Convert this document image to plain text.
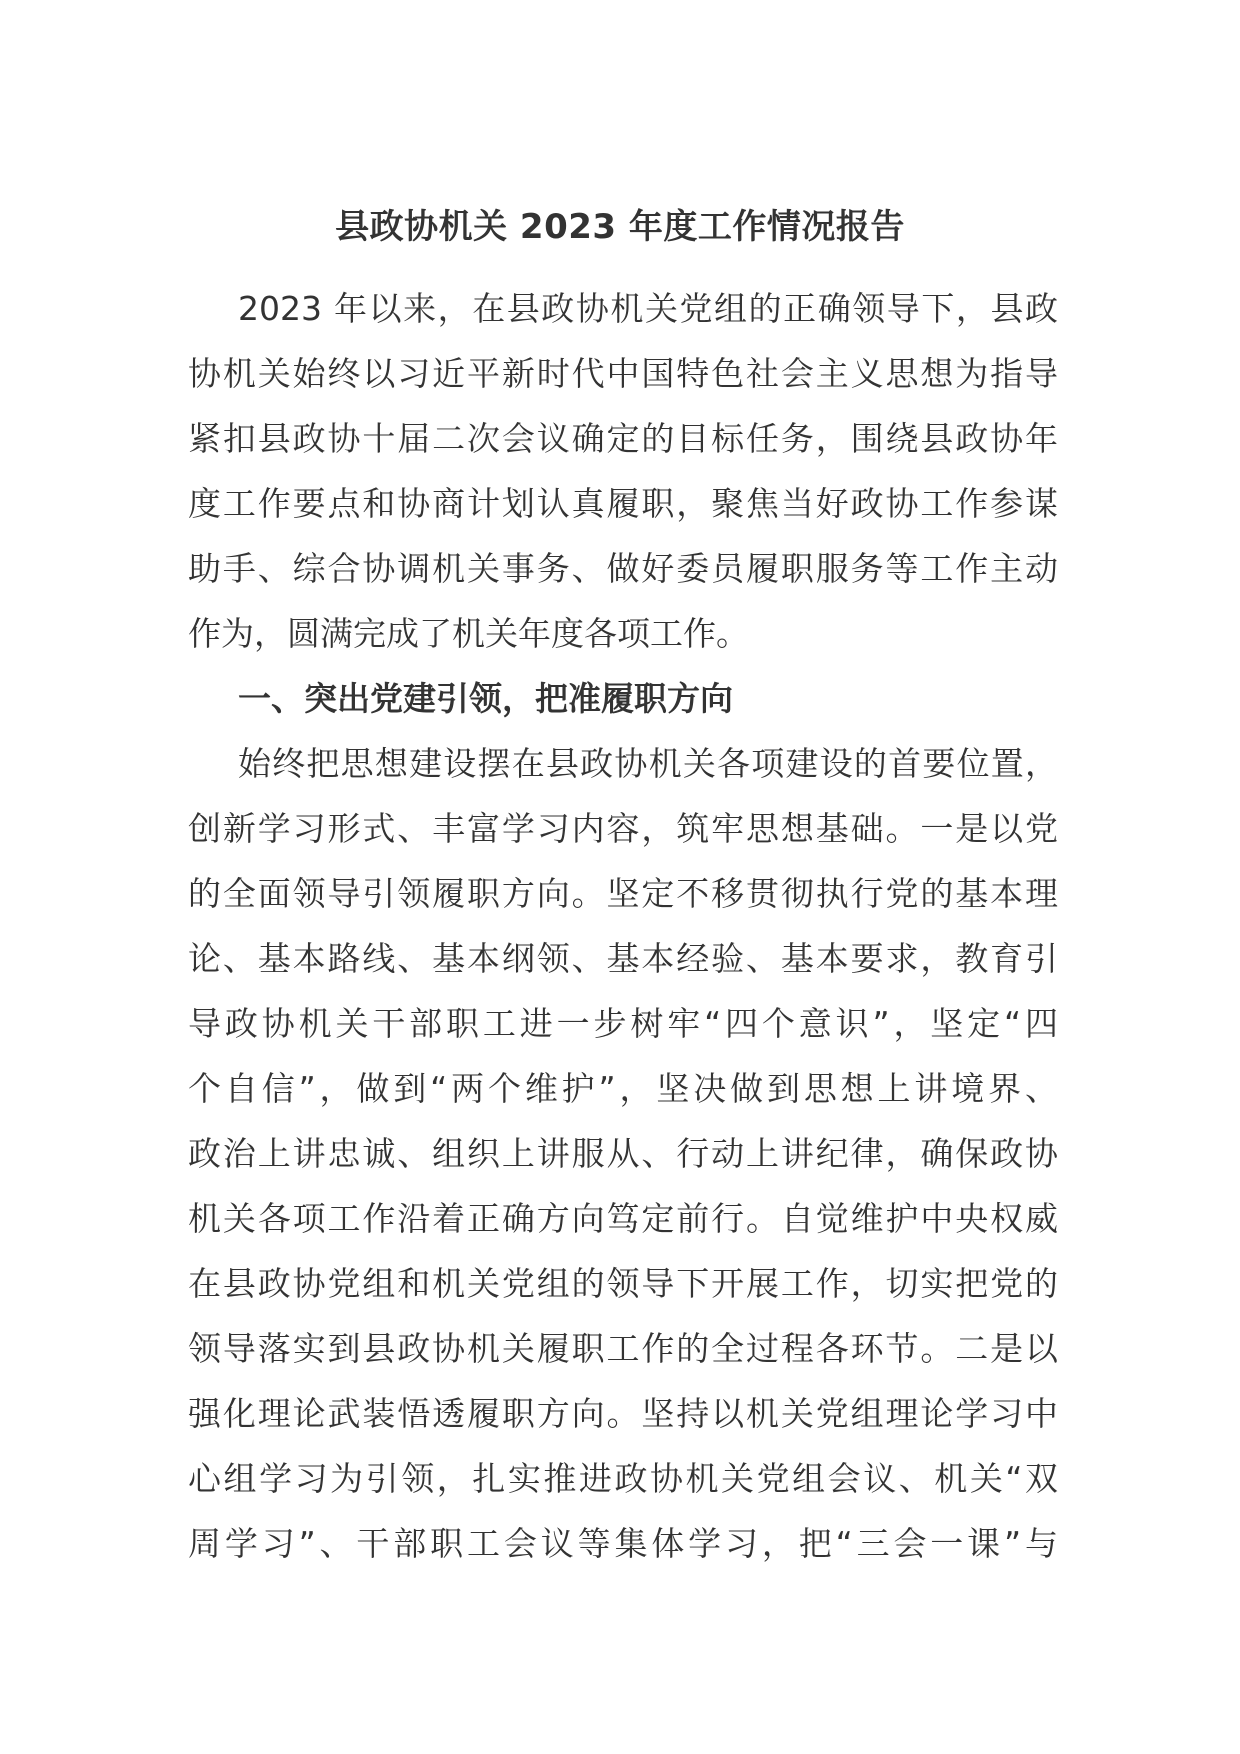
县政协机关 2023 年度工作情况报告
2023 年以来，在县政协机关党组的正确领导下，县政
协机关始终以习近平新时代中国特色社会主义思想为指导
紧扣县政协十届二次会议确定的目标任务，围绕县政协年
度工作要点和协商计划认真履职，聚焦当好政协工作参谋
助手、综合协调机关事务、做好委员履职服务等工作主动
作为，圆满完成了机关年度各项工作。
一、突出党建引领，把准履职方向
始终把思想建设摆在县政协机关各项建设的首要位置，
创新学习形式、丰富学习内容，筑牢思想基础。一是以党
的全面领导引领履职方向。坚定不移贯彻执行党的基本理
论、基本路线、基本纲领、基本经验、基本要求，教育引
导政协机关干部职工进一步树牢“四个意识”，坚定“四
个自信”，做到“两个维护”，坚决做到思想上讲境界、
政治上讲忠诚、组织上讲服从、行动上讲纪律，确保政协
机关各项工作沿着正确方向笃定前行。自觉维护中央权威
在县政协党组和机关党组的领导下开展工作，切实把党的
领导落实到县政协机关履职工作的全过程各环节。二是以
强化理论武装悟透履职方向。坚持以机关党组理论学习中
心组学习为引领，扎实推进政协机关党组会议、机关“双
周学习”、干部职工会议等集体学习，把“三会一课”与
